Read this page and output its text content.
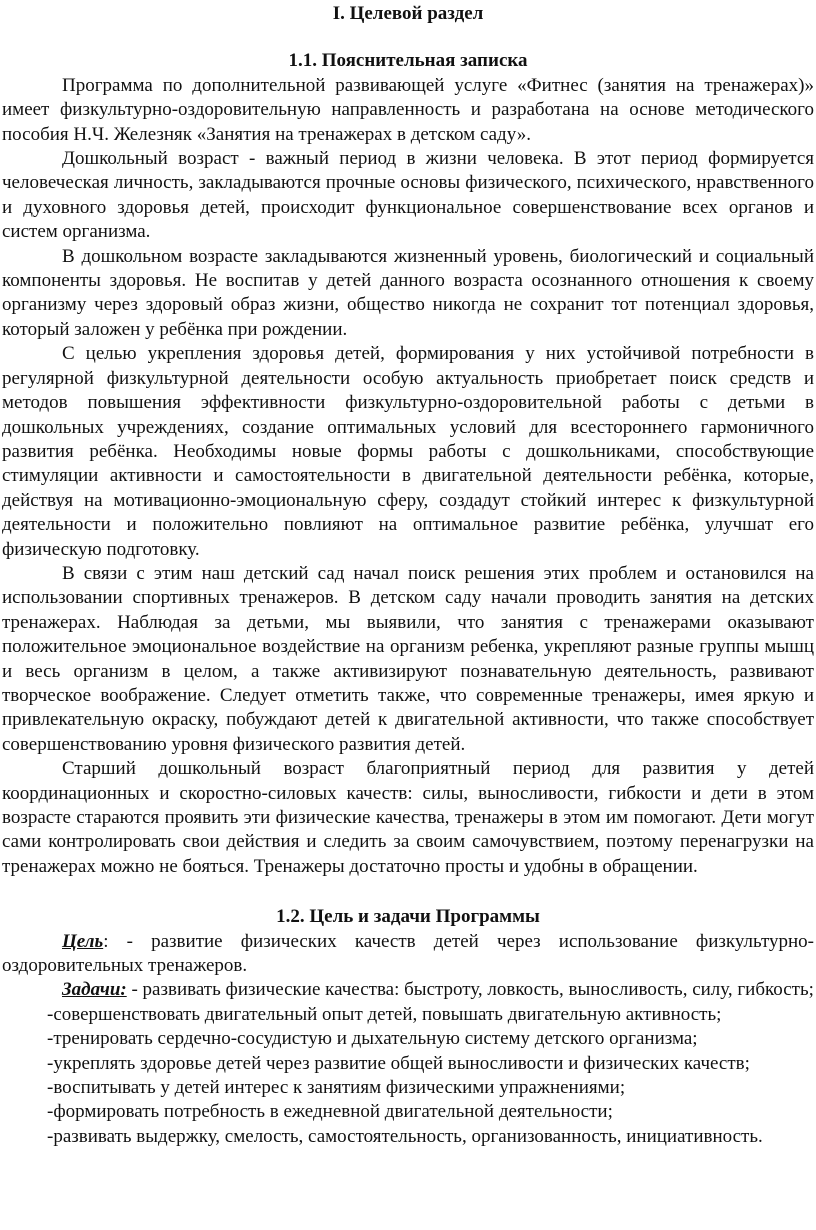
I. Целевой раздел

1.1. Пояснительная записка

Программа по дополнительной развивающей услуге «Фитнес (занятия на тренажерах)» имеет физкультурно-оздоровительную направленность и разработана на основе методического пособия Н.Ч. Железняк «Занятия на тренажерах в детском саду».

Дошкольный возраст - важный период в жизни человека. В этот период формируется человеческая личность, закладываются прочные основы физического, психического, нравственного и духовного здоровья детей, происходит функциональное совершенствование всех органов и систем организма.

В дошкольном возрасте закладываются жизненный уровень, биологический и социальный компоненты здоровья. Не воспитав у детей данного возраста осознанного отношения к своему организму через здоровый образ жизни, общество никогда не сохранит тот потенциал здоровья, который заложен у ребёнка при рождении.

С целью укрепления здоровья детей, формирования у них устойчивой потребности в регулярной физкультурной деятельности особую актуальность приобретает поиск средств и методов повышения эффективности физкультурно-оздоровительной работы с детьми в дошкольных учреждениях, создание оптимальных условий для всестороннего гармоничного развития ребёнка. Необходимы новые формы работы с дошкольниками, способствующие стимуляции активности и самостоятельности в двигательной деятельности ребёнка, которые, действуя на мотивационно-эмоциональную сферу, создадут стойкий интерес к физкультурной деятельности и положительно повлияют на оптимальное развитие ребёнка, улучшат его физическую подготовку.

В связи с этим наш детский сад начал поиск решения этих проблем и остановился на использовании спортивных тренажеров. В детском саду начали проводить занятия на детских тренажерах. Наблюдая за детьми, мы выявили, что занятия с тренажерами оказывают положительное эмоциональное воздействие на организм ребенка, укрепляют разные группы мышц и весь организм в целом, а также активизируют познавательную деятельность, развивают творческое воображение. Следует отметить также, что современные тренажеры, имея яркую и привлекательную окраску, побуждают детей к двигательной активности, что также способствует совершенствованию уровня физического развития детей.

Старший дошкольный возраст благоприятный период для развития у детей координационных и скоростно-силовых качеств: силы, выносливости, гибкости и дети в этом возрасте стараются проявить эти физические качества, тренажеры в этом им помогают. Дети могут сами контролировать свои действия и следить за своим самочувствием, поэтому перенагрузки на тренажерах можно не бояться. Тренажеры достаточно просты и удобны в обращении.

1.2. Цель и задачи Программы

Цель: - развитие физических качеств детей через использование физкультурно-оздоровительных тренажеров.

Задачи: - развивать физические качества: быстроту, ловкость, выносливость, силу, гибкость;

-совершенствовать двигательный опыт детей, повышать двигательную активность;

-тренировать сердечно-сосудистую и дыхательную систему детского организма;

-укреплять здоровье детей через развитие общей выносливости и физических качеств;

-воспитывать у детей интерес к занятиям физическими упражнениями;

-формировать потребность в ежедневной двигательной деятельности;

-развивать выдержку, смелость, самостоятельность, организованность, инициативность.
